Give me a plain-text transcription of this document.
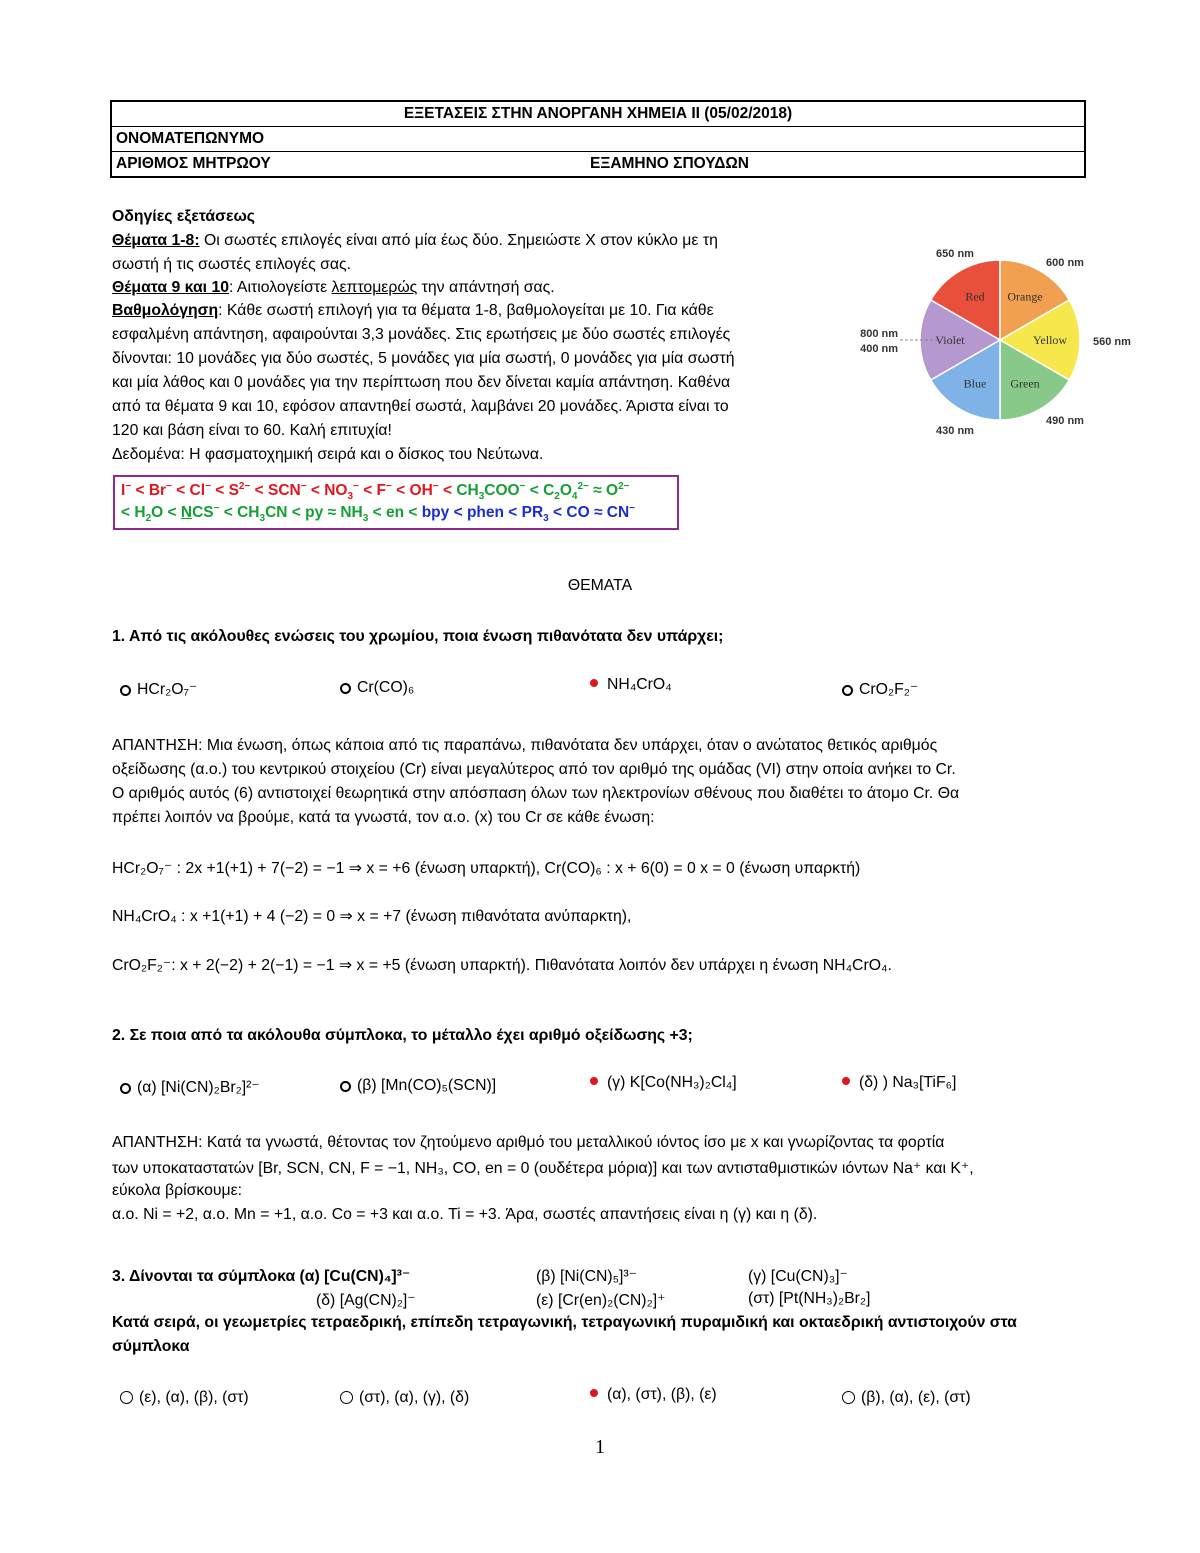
ΕΞΕΤΑΣΕΙΣ ΣΤΗΝ ΑΝΟΡΓΑΝΗ ΧΗΜΕΙΑ ΙΙ (05/02/2018)
ΟΝΟΜΑΤΕΠΩΝΥΜΟ
ΑΡΙΘΜΟΣ ΜΗΤΡΩΟΥ	ΕΞΑΜΗΝΟ ΣΠΟΥΔΩΝ

Οδηγίες εξετάσεως

Θέματα 1-8: Οι σωστές επιλογές είναι από μία έως δύο. Σημειώστε Χ στον κύκλο με τη

σωστή ή τις σωστές επιλογές σας.

Θέματα 9 και 10: Αιτιολογείστε λεπτομερώς την απάντησή σας.

Βαθμολόγηση: Κάθε σωστή επιλογή για τα θέματα 1-8, βαθμολογείται με 10. Για κάθε

εσφαλμένη απάντηση, αφαιρούνται 3,3 μονάδες. Στις ερωτήσεις με δύο σωστές επιλογές

δίνονται: 10 μονάδες για δύο σωστές, 5 μονάδες για μία σωστή, 0 μονάδες για μία σωστή

και μία λάθος και 0 μονάδες για την περίπτωση που δεν δίνεται καμία απάντηση. Καθένα

από τα θέματα 9 και 10, εφόσον απαντηθεί σωστά, λαμβάνει 20 μονάδες. Άριστα είναι το

120 και βάση είναι το 60. Καλή επιτυχία!

Δεδομένα: Η φασματοχημική σειρά και ο δίσκος του Νεύτωνα.

$I^- < Br^- < Cl^- < S^{2-} < SCN^- < NO_3^- < F^- < OH^- < CH_3COO^- < C_2O_4^{2-} \approx O^{2-}$
< $H_2O < NCS^- < CH_3CN$ < py ≈ $NH_3$ < en < bpy < phen < $PR_3$ < CO ≈ CN−
650 nm
600 nm
560 nm
490 nm
430 nm
400 nm
800 nm
Red Orange
Yellow
Green
Blue
Violet

ΘΕΜΑΤΑ

1. Από τις ακόλουθες ενώσεις του χρωμίου, ποια ένωση πιθανότατα δεν υπάρχει;

HCr₂O₇⁻	Cr(CO)₆	NH₄CrO₄	CrO₂F₂⁻

ΑΠΑΝΤΗΣΗ: Μια ένωση, όπως κάποια από τις παραπάνω, πιθανότατα δεν υπάρχει, όταν ο ανώτατος θετικός αριθμός

οξείδωσης (α.ο.) του κεντρικού στοιχείου (Cr) είναι μεγαλύτερος από τον αριθμό της ομάδας (VI) στην οποία ανήκει το Cr.

Ο αριθμός αυτός (6) αντιστοιχεί θεωρητικά στην απόσπαση όλων των ηλεκτρονίων σθένους που διαθέτει το άτομο Cr. Θα

πρέπει λοιπόν να βρούμε, κατά τα γνωστά, τον α.ο. (x) του Cr σε κάθε ένωση:

HCr₂O₇⁻ : 2x +1(+1) + 7(−2) = −1 ⇒ x = +6 (ένωση υπαρκτή), Cr(CO)₆ : x + 6(0) = 0 x = 0 (ένωση υπαρκτή)

NH₄CrO₄ : x +1(+1) + 4 (−2) = 0 ⇒ x = +7 (ένωση πιθανότατα ανύπαρκτη),

CrO₂F₂⁻: x + 2(−2) + 2(−1) = −1 ⇒ x = +5 (ένωση υπαρκτή). Πιθανότατα λοιπόν δεν υπάρχει η ένωση NH₄CrO₄.

2. Σε ποια από τα ακόλουθα σύμπλοκα, το μέταλλο έχει αριθμό οξείδωσης +3;

(α) [Ni(CN)₂Br₂]²⁻	(β) [Mn(CO)₅(SCN)]	(γ) K[Co(NH₃)₂Cl₄]	(δ) ) Na₃[TiF₆]

ΑΠΑΝΤΗΣΗ: Κατά τα γνωστά, θέτοντας τον ζητούμενο αριθμό του μεταλλικού ιόντος ίσο με x και γνωρίζοντας τα φορτία

των υποκαταστατών [Br, SCN, CN, F = −1, NH₃, CO, en = 0 (ουδέτερα μόρια)] και των αντισταθμιστικών ιόντων Na⁺ και K⁺,

εύκολα βρίσκουμε:

α.ο. Ni = +2, α.ο. Mn = +1, α.ο. Co = +3 και α.ο. Ti = +3. Άρα, σωστές απαντήσεις είναι η (γ) και η (δ).

3. Δίνονται τα σύμπλοκα (α) [Cu(CN)₄]³⁻	(β) [Ni(CN)₅]³⁻	(γ) [Cu(CN)₃]⁻

(δ) [Ag(CN)₂]⁻	(ε) [Cr(en)₂(CN)₂]⁺	(στ) [Pt(NH₃)₂Br₂]

Κατά σειρά, οι γεωμετρίες τετραεδρική, επίπεδη τετραγωνική, τετραγωνική πυραμιδική και οκταεδρική αντιστοιχούν στα

σύμπλοκα

(ε), (α), (β), (στ)	(στ), (α), (γ), (δ)	(α), (στ), (β), (ε)	(β), (α), (ε), (στ)

1
